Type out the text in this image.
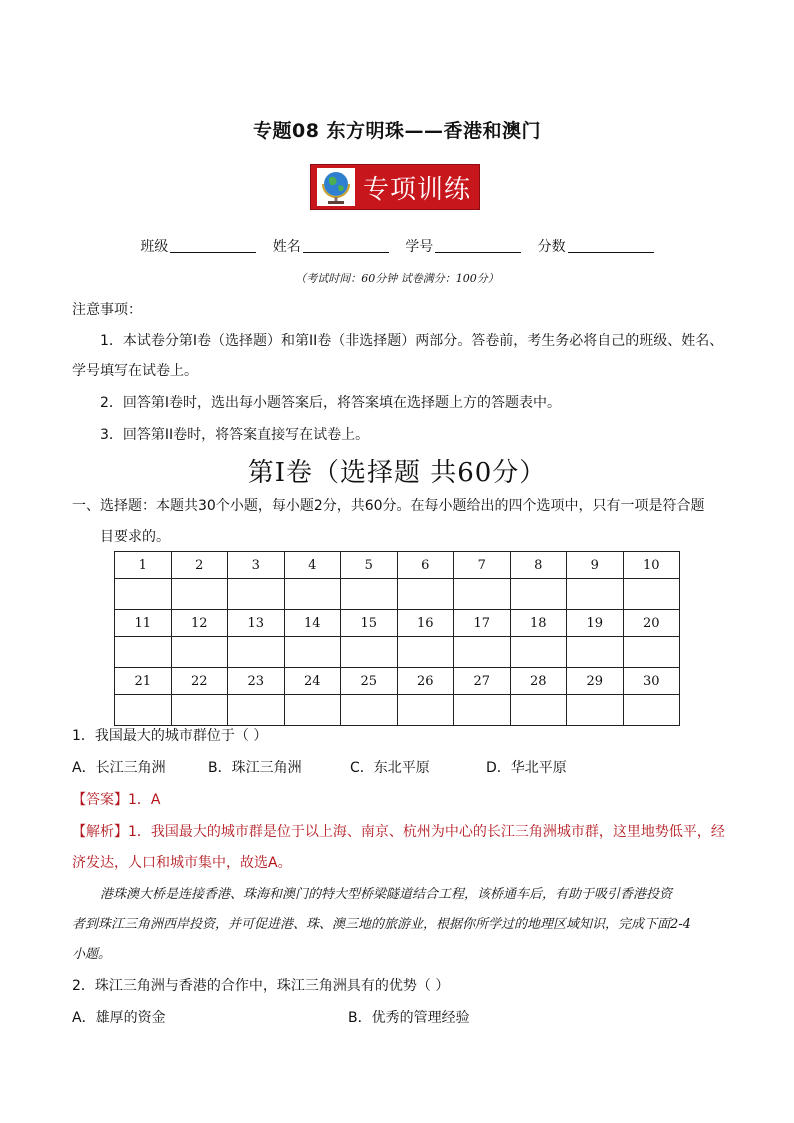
专题08 东方明珠——香港和澳门
专项训练
班级	姓名	学号	分数
（考试时间：60分钟 试卷满分：100分）
注意事项：
1．本试卷分第I卷（选择题）和第II卷（非选择题）两部分。答卷前，考生务必将自己的班级、姓名、
学号填写在试卷上。
2．回答第I卷时，选出每小题答案后，将答案填在选择题上方的答题表中。
3．回答第II卷时，将答案直接写在试卷上。
第I卷（选择题 共60分）
一、选择题：本题共30个小题，每小题2分，共60分。在每小题给出的四个选项中，只有一项是符合题
目要求的。
1	2	3	4	5	6	7	8	9	10

11	12	13	14	15	16	17	18	19	20

21	22	23	24	25	26	27	28	29	30

1．我国最大的城市群位于（ ）
A．长江三角洲	B．珠江三角洲	C．东北平原	D．华北平原
【答案】1．A
【解析】1．我国最大的城市群是位于以上海、南京、杭州为中心的长江三角洲城市群，这里地势低平，经
济发达，人口和城市集中，故选A。
港珠澳大桥是连接香港、珠海和澳门的特大型桥梁隧道结合工程，该桥通车后，有助于吸引香港投资
者到珠江三角洲西岸投资，并可促进港、珠、澳三地的旅游业，根据你所学过的地理区域知识，完成下面2-4
小题。
2．珠江三角洲与香港的合作中，珠江三角洲具有的优势（ ）
A．雄厚的资金	B．优秀的管理经验
